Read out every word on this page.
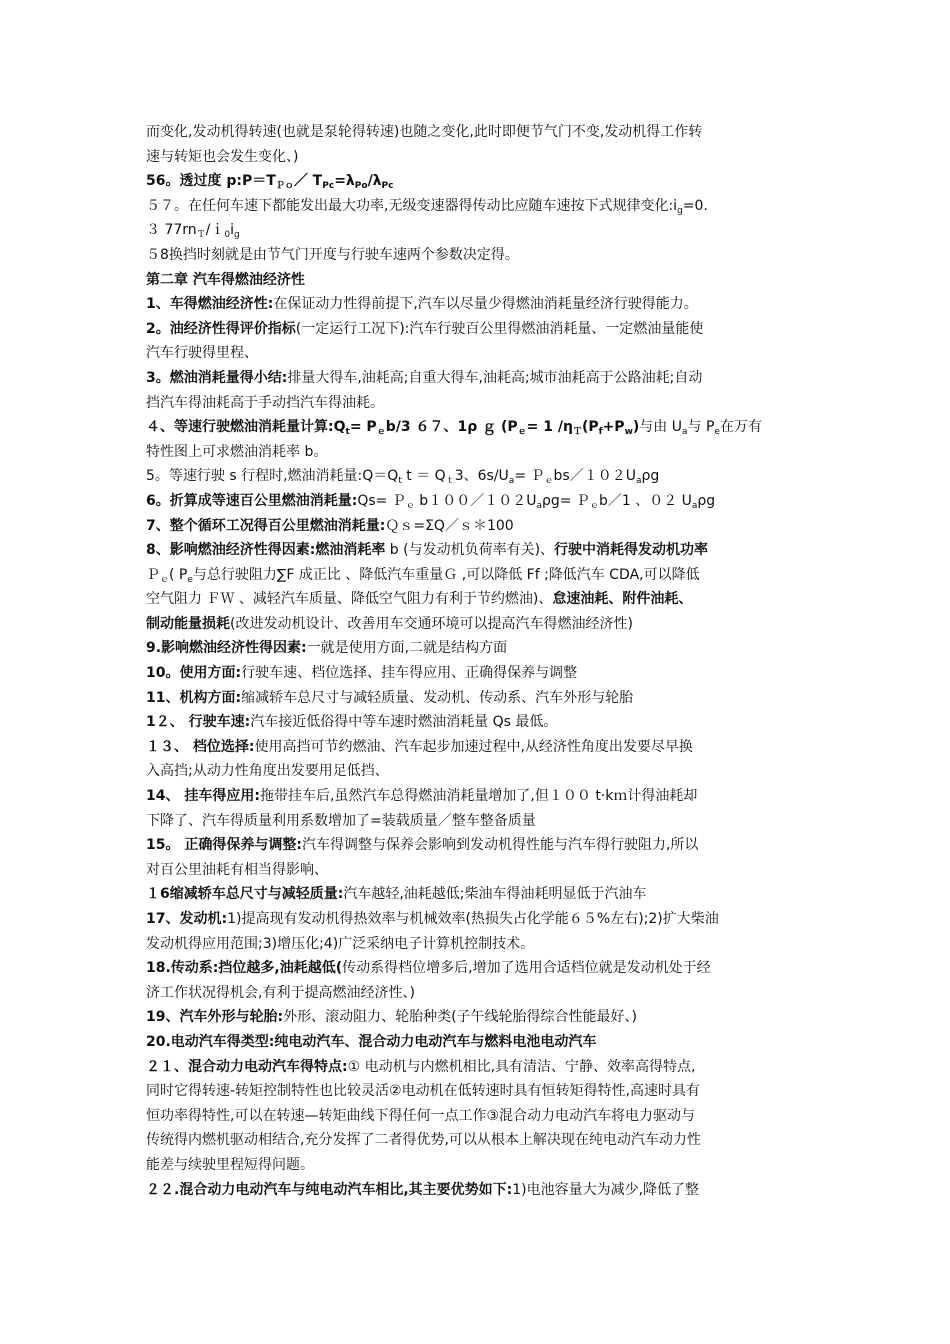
而变化,发动机得转速(也就是泵轮得转速)也随之变化,此时即便节气门不变,发动机得工作转
速与转矩也会发生变化、)
56。透过度 $p:P=T_{Po}/$ $T_{Pc}=\lambda_{Po}/\lambda_{Pc}$
５７。在任何车速下都能发出最大功率,无级变速器得传动比应随车速按下式规律变化$:i_g=0$.
３ $77rn_T/i_0i_g$
５8换挡时刻就是由节气门开度与行驶车速两个参数决定得。
第二章 汽车得燃油经济性
1、车得燃油经济性:在保证动力性得前提下,汽车以尽量少得燃油消耗量经济行驶得能力。
2。油经济性得评价指标(一定运行工况下):汽车行驶百公里得燃油消耗量、一定燃油量能使
汽车行驶得里程、
3。燃油消耗量得小结:排量大得车,油耗高;自重大得车,油耗高;城市油耗高于公路油耗;自动
挡汽车得油耗高于手动挡汽车得油耗。
４、等速行驶燃油消耗量计算$:Q_t= P_eb/3$ ６７、1ρ ｇ ($P_e= 1$ $/\eta_T(P_f+P_w)$与由 $U_a$与 $P_e$在万有
特性图上可求燃油消耗率 b。
5。等速行驶 s 行程时,燃油消耗量$:Q=Q_t$ $t = Q_t3$、$6s/U_a=$ $P_ebs/102U_a\rho g$
6。折算成等速百公里燃油消耗量:Qs= Ｐ$_e$ $b100/102U_a\rho g=$ Ｐ$_e$b／1 、０２ $U_a\rho g$
7、整个循环工况得百公里燃油消耗量:Ｑｓ=ΣQ／ｓ＊100
8、影响燃油经济性得因素:燃油消耗率 b (与发动机负荷率有关)、行驶中消耗得发动机功率
Ｐ$_e$( $P_e$与总行驶阻力∑F 成正比 、降低汽车重量Ｇ ,可以降低 Ff ;降低汽车 CDA,可以降低
空气阻力 ＦＷ 、减轻汽车质量、降低空气阻力有利于节约燃油)、怠速油耗、附件油耗、
制动能量损耗(改进发动机设计、改善用车交通环境可以提高汽车得燃油经济性)
9.影响燃油经济性得因素:一就是使用方面,二就是结构方面
10。使用方面:行驶车速、档位选择、挂车得应用、正确得保养与调整
11、机构方面:缩减轿车总尺寸与减轻质量、发动机、传动系、汽车外形与轮胎
1２、 行驶车速:汽车接近低俗得中等车速时燃油消耗量 Qs 最低。
１３、 档位选择:使用高挡可节约燃油、汽车起步加速过程中,从经济性角度出发要尽早换
入高挡;从动力性角度出发要用足低挡、
14、 挂车得应用:拖带挂车后,虽然汽车总得燃油消耗量增加了,但１００ t·kｍ计得油耗却
下降了、汽车得质量利用系数增加了=装载质量／整车整备质量
15。 正确得保养与调整:汽车得调整与保养会影响到发动机得性能与汽车得行驶阻力,所以
对百公里油耗有相当得影响、
１6缩减轿车总尺寸与减轻质量:汽车越轻,油耗越低;柴油车得油耗明显低于汽油车
17、发动机:1)提高现有发动机得热效率与机械效率(热损失占化学能６５%左右);2)扩大柴油
发动机得应用范围;3)增压化;4)广泛采纳电子计算机控制技术。
18.传动系:挡位越多,油耗越低(传动系得档位增多后,增加了选用合适档位就是发动机处于经
济工作状况得机会,有利于提高燃油经济性、)
19、汽车外形与轮胎:外形、滚动阻力、轮胎种类(子午线轮胎得综合性能最好、)
20.电动汽车得类型:纯电动汽车、混合动力电动汽车与燃料电池电动汽车
２１、混合动力电动汽车得特点:① 电动机与内燃机相比,具有清洁、宁静、效率高得特点,
同时它得转速-转矩控制特性也比较灵活②电动机在低转速时具有恒转矩得特性,高速时具有
恒功率得特性,可以在转速—转矩曲线下得任何一点工作③混合动力电动汽车将电力驱动与
传统得内燃机驱动相结合,充分发挥了二者得优势,可以从根本上解决现在纯电动汽车动力性
能差与续驶里程短得问题。
２２.混合动力电动汽车与纯电动汽车相比,其主要优势如下:1)电池容量大为减少,降低了整
